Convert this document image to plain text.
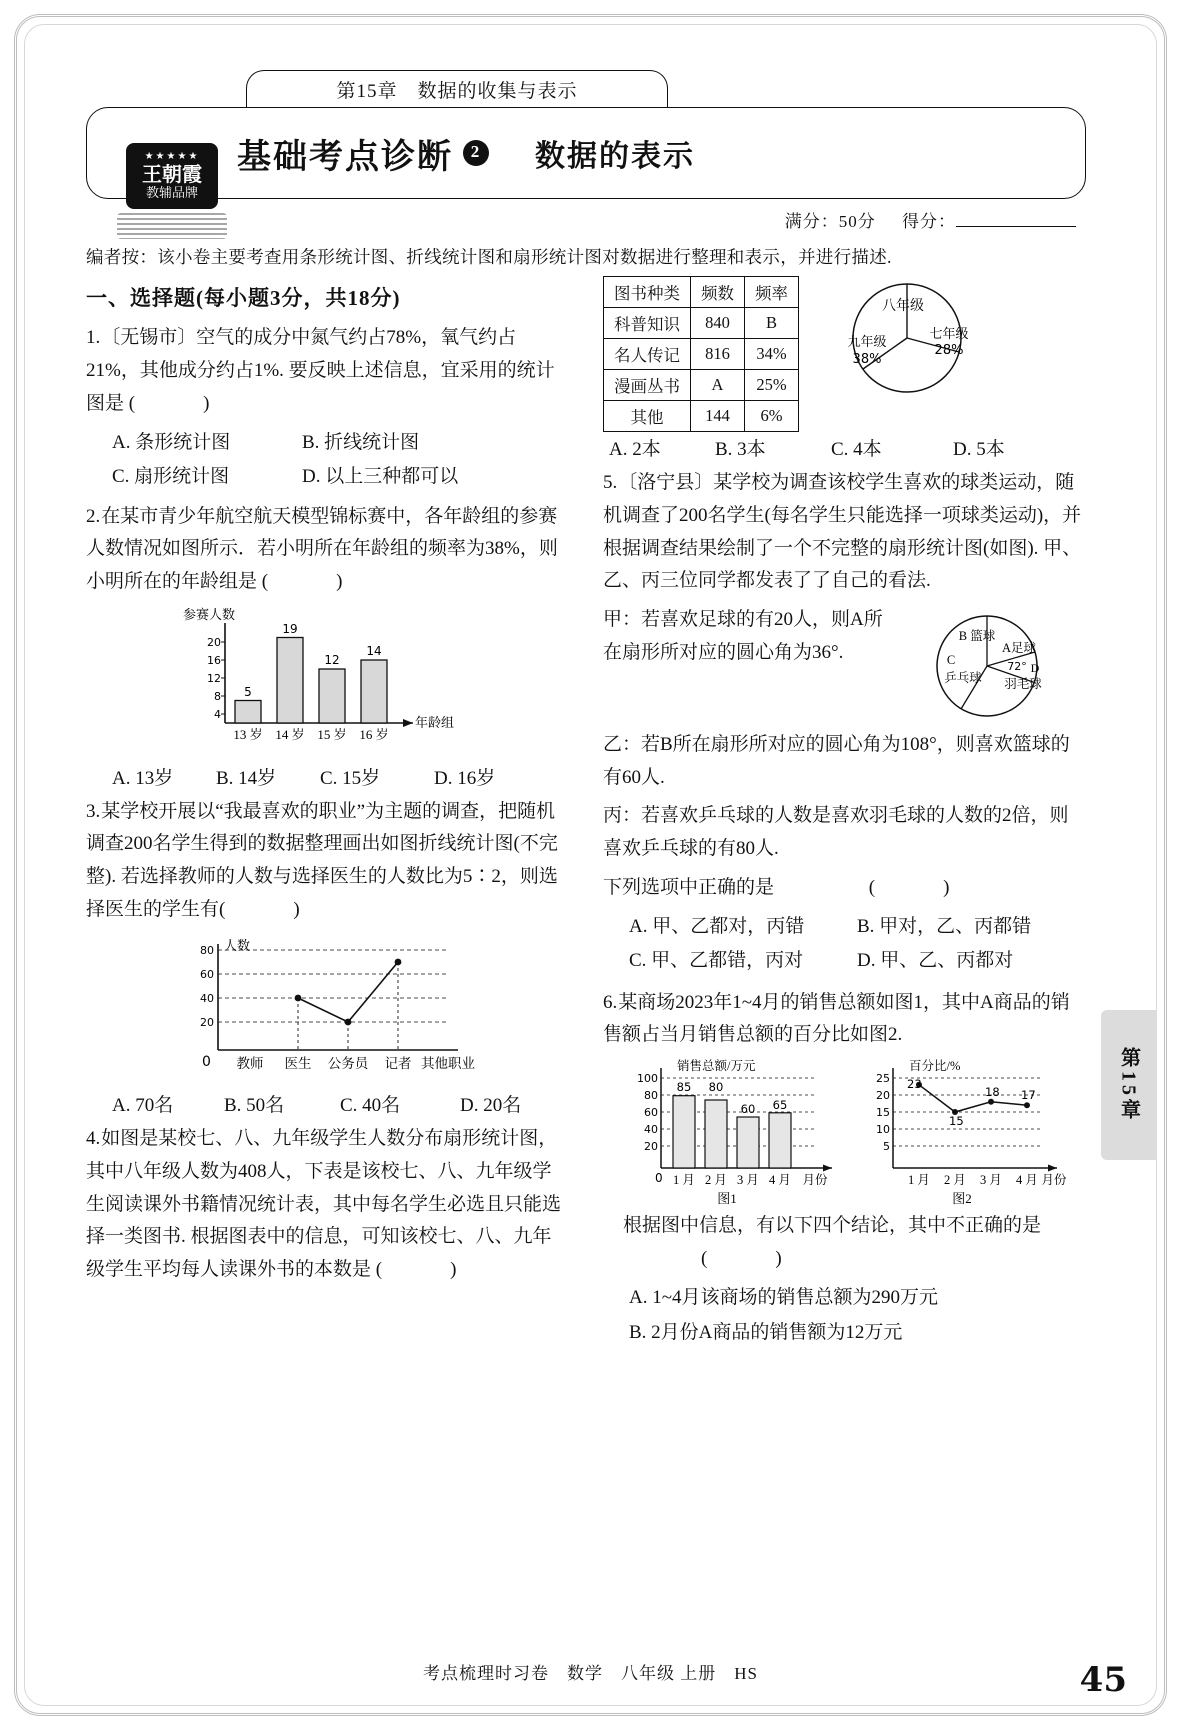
第15章　数据的收集与表示
★★★★★
王朝霞
教辅品牌
基础考点诊断	2 数据的表示
满分：50分 得分：
编者按：该小卷主要考查用条形统计图、折线统计图和扇形统计图对数据进行整理和表示，并进行描述.
一、选择题(每小题3分，共18分)
1.〔无锡市〕空气的成分中氮气约占78%，氧气约占21%，其他成分约占1%. 要反映上述信息，宜采用的统计图是 (　　)
A. 条形统计图	B. 折线统计图
C. 扇形统计图	D. 以上三种都可以
2.在某市青少年航空航天模型锦标赛中，各年龄组的参赛人数情况如图所示．若小明所在年龄组的频率为38%，则小明所在的年龄组是 (　　)
参赛人数
年龄组
4
8
12
16
20
5
19
12
14
13 岁 14 岁 15 岁 16 岁
A. 13岁 B. 14岁 C. 15岁	D. 16岁
3.某学校开展以“我最喜欢的职业”为主题的调查，把随机调查200名学生得到的数据整理画出如图折线统计图(不完整). 若选择教师的人数与选择医生的人数比为5∶2，则选择医生的学生有(　　)
人数
80
60
40
20
0 教师 医生 公务员 记者 其他职业
A. 70名	B. 50名	C. 40名	D. 20名
4.如图是某校七、八、九年级学生人数分布扇形统计图，其中八年级人数为408人，下表是该校七、八、九年级学生阅读课外书籍情况统计表，其中每名学生必选且只能选择一类图书. 根据图表中的信息，可知该校七、八、九年级学生平均每人读课外书的本数是 (　　)
图书种类	频数	频率
科普知识	840	B
名人传记	816	34%
漫画丛书	A	25%
其他	144	6%
八年级
七年级
28%
九年级
38%
A. 2本	B. 3本	C. 4本	D. 5本
5.〔洛宁县〕某学校为调查该校学生喜欢的球类运动，随机调查了200名学生(每名学生只能选择一项球类运动)，并根据调查结果绘制了一个不完整的扇形统计图(如图). 甲、乙、丙三位同学都发表了了自己的看法.
甲：若喜欢足球的有20人，则A所在扇形所对应的圆心角为36°.
B 篮球
A足球
72° D
羽毛球
C
乒乓球
乙：若B所在扇形所对应的圆心角为108°，则喜欢篮球的有60人.
丙：若喜欢乒乓球的人数是喜欢羽毛球的人数的2倍，则喜欢乒乓球的有80人.
下列选项中正确的是	(　　)
A. 甲、乙都对，丙错	B. 甲对，乙、丙都错
C. 甲、乙都错，丙对	D. 甲、乙、丙都对
6.某商场2023年1~4月的销售总额如图1，其中A商品的销售额占当月销售总额的百分比如图2.
销售总额/万元
100
80
60
40
20
85 80
60 65
0 1 月 2 月 3 月 4 月 月份
图1
百分比/%
25
20
15
10
5
23
15
18 17
1 月 2 月 3 月 4 月 月份
图2
根据图中信息，有以下四个结论，其中不正确的是 (　　)
A. 1~4月该商场的销售总额为290万元
B. 2月份A商品的销售额为12万元
第15章
考点梳理时习卷　数学　八年级 上册　HS	45
